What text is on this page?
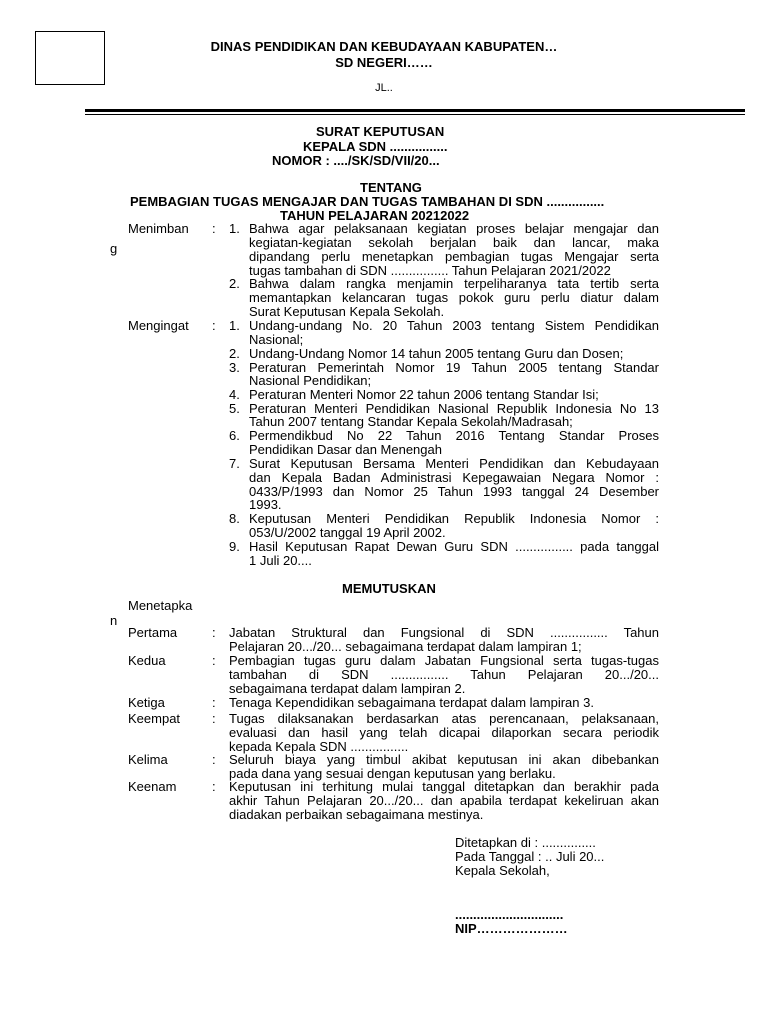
DINAS PENDIDIKAN DAN KEBUDAYAAN KABUPATEN…
SD NEGERI……
JL..
SURAT KEPUTUSAN
KEPALA SDN ................
NOMOR : ..../SK/SD/VII/20...
TENTANG
PEMBAGIAN TUGAS MENGAJAR DAN TUGAS TAMBAHAN DI SDN ................
TAHUN PELAJARAN 20212022
Menimban : 1. Bahwa agar pelaksanaan kegiatan proses belajar mengajar dan
kegiatan-kegiatan sekolah berjalan baik dan lancar, maka
g
dipandang perlu menetapkan pembagian tugas Mengajar serta
tugas tambahan di SDN ................ Tahun Pelajaran 2021/2022
2. Bahwa dalam rangka menjamin terpeliharanya tata tertib serta
memantapkan kelancaran tugas pokok guru perlu diatur dalam
Surat Keputusan Kepala Sekolah.
Mengingat : 1. Undang-undang No. 20 Tahun 2003 tentang Sistem Pendidikan
Nasional;
2. Undang-Undang Nomor 14 tahun 2005 tentang Guru dan Dosen;
3. Peraturan Pemerintah Nomor 19 Tahun 2005 tentang Standar
Nasional Pendidikan;
4. Peraturan Menteri Nomor 22 tahun 2006 tentang Standar Isi;
5. Peraturan Menteri Pendidikan Nasional Republik Indonesia No 13
Tahun 2007 tentang Standar Kepala Sekolah/Madrasah;
6. Permendikbud No 22 Tahun 2016 Tentang Standar Proses
Pendidikan Dasar dan Menengah
7. Surat Keputusan Bersama Menteri Pendidikan dan Kebudayaan
dan Kepala Badan Administrasi Kepegawaian Negara Nomor :
0433/P/1993 dan Nomor 25 Tahun 1993 tanggal 24 Desember
1993.
8. Keputusan Menteri Pendidikan Republik Indonesia Nomor :
053/U/2002 tanggal 19 April 2002.
9. Hasil Keputusan Rapat Dewan Guru SDN ................ pada tanggal
1 Juli 20....
MEMUTUSKAN
Menetapka
n
Pertama	: Jabatan Struktural dan Fungsional di SDN ................ Tahun
Pelajaran 20.../20... sebagaimana terdapat dalam lampiran 1;
Kedua	: Pembagian tugas guru dalam Jabatan Fungsional serta tugas-tugas
tambahan di SDN ................ Tahun Pelajaran 20.../20...
sebagaimana terdapat dalam lampiran 2.
Ketiga	: Tenaga Kependidikan sebagaimana terdapat dalam lampiran 3.
Keempat : Tugas dilaksanakan berdasarkan atas perencanaan, pelaksanaan,
evaluasi dan hasil yang telah dicapai dilaporkan secara periodik
kepada Kepala SDN ................
Kelima	: Seluruh biaya yang timbul akibat keputusan ini akan dibebankan
pada dana yang sesuai dengan keputusan yang berlaku.
Keenam	: Keputusan ini terhitung mulai tanggal ditetapkan dan berakhir pada
akhir Tahun Pelajaran 20.../20... dan apabila terdapat kekeliruan akan
diadakan perbaikan sebagaimana mestinya.
Ditetapkan di : ...............
Pada Tanggal : .. Juli 20...
Kepala Sekolah,
..............................
NIP…………………
